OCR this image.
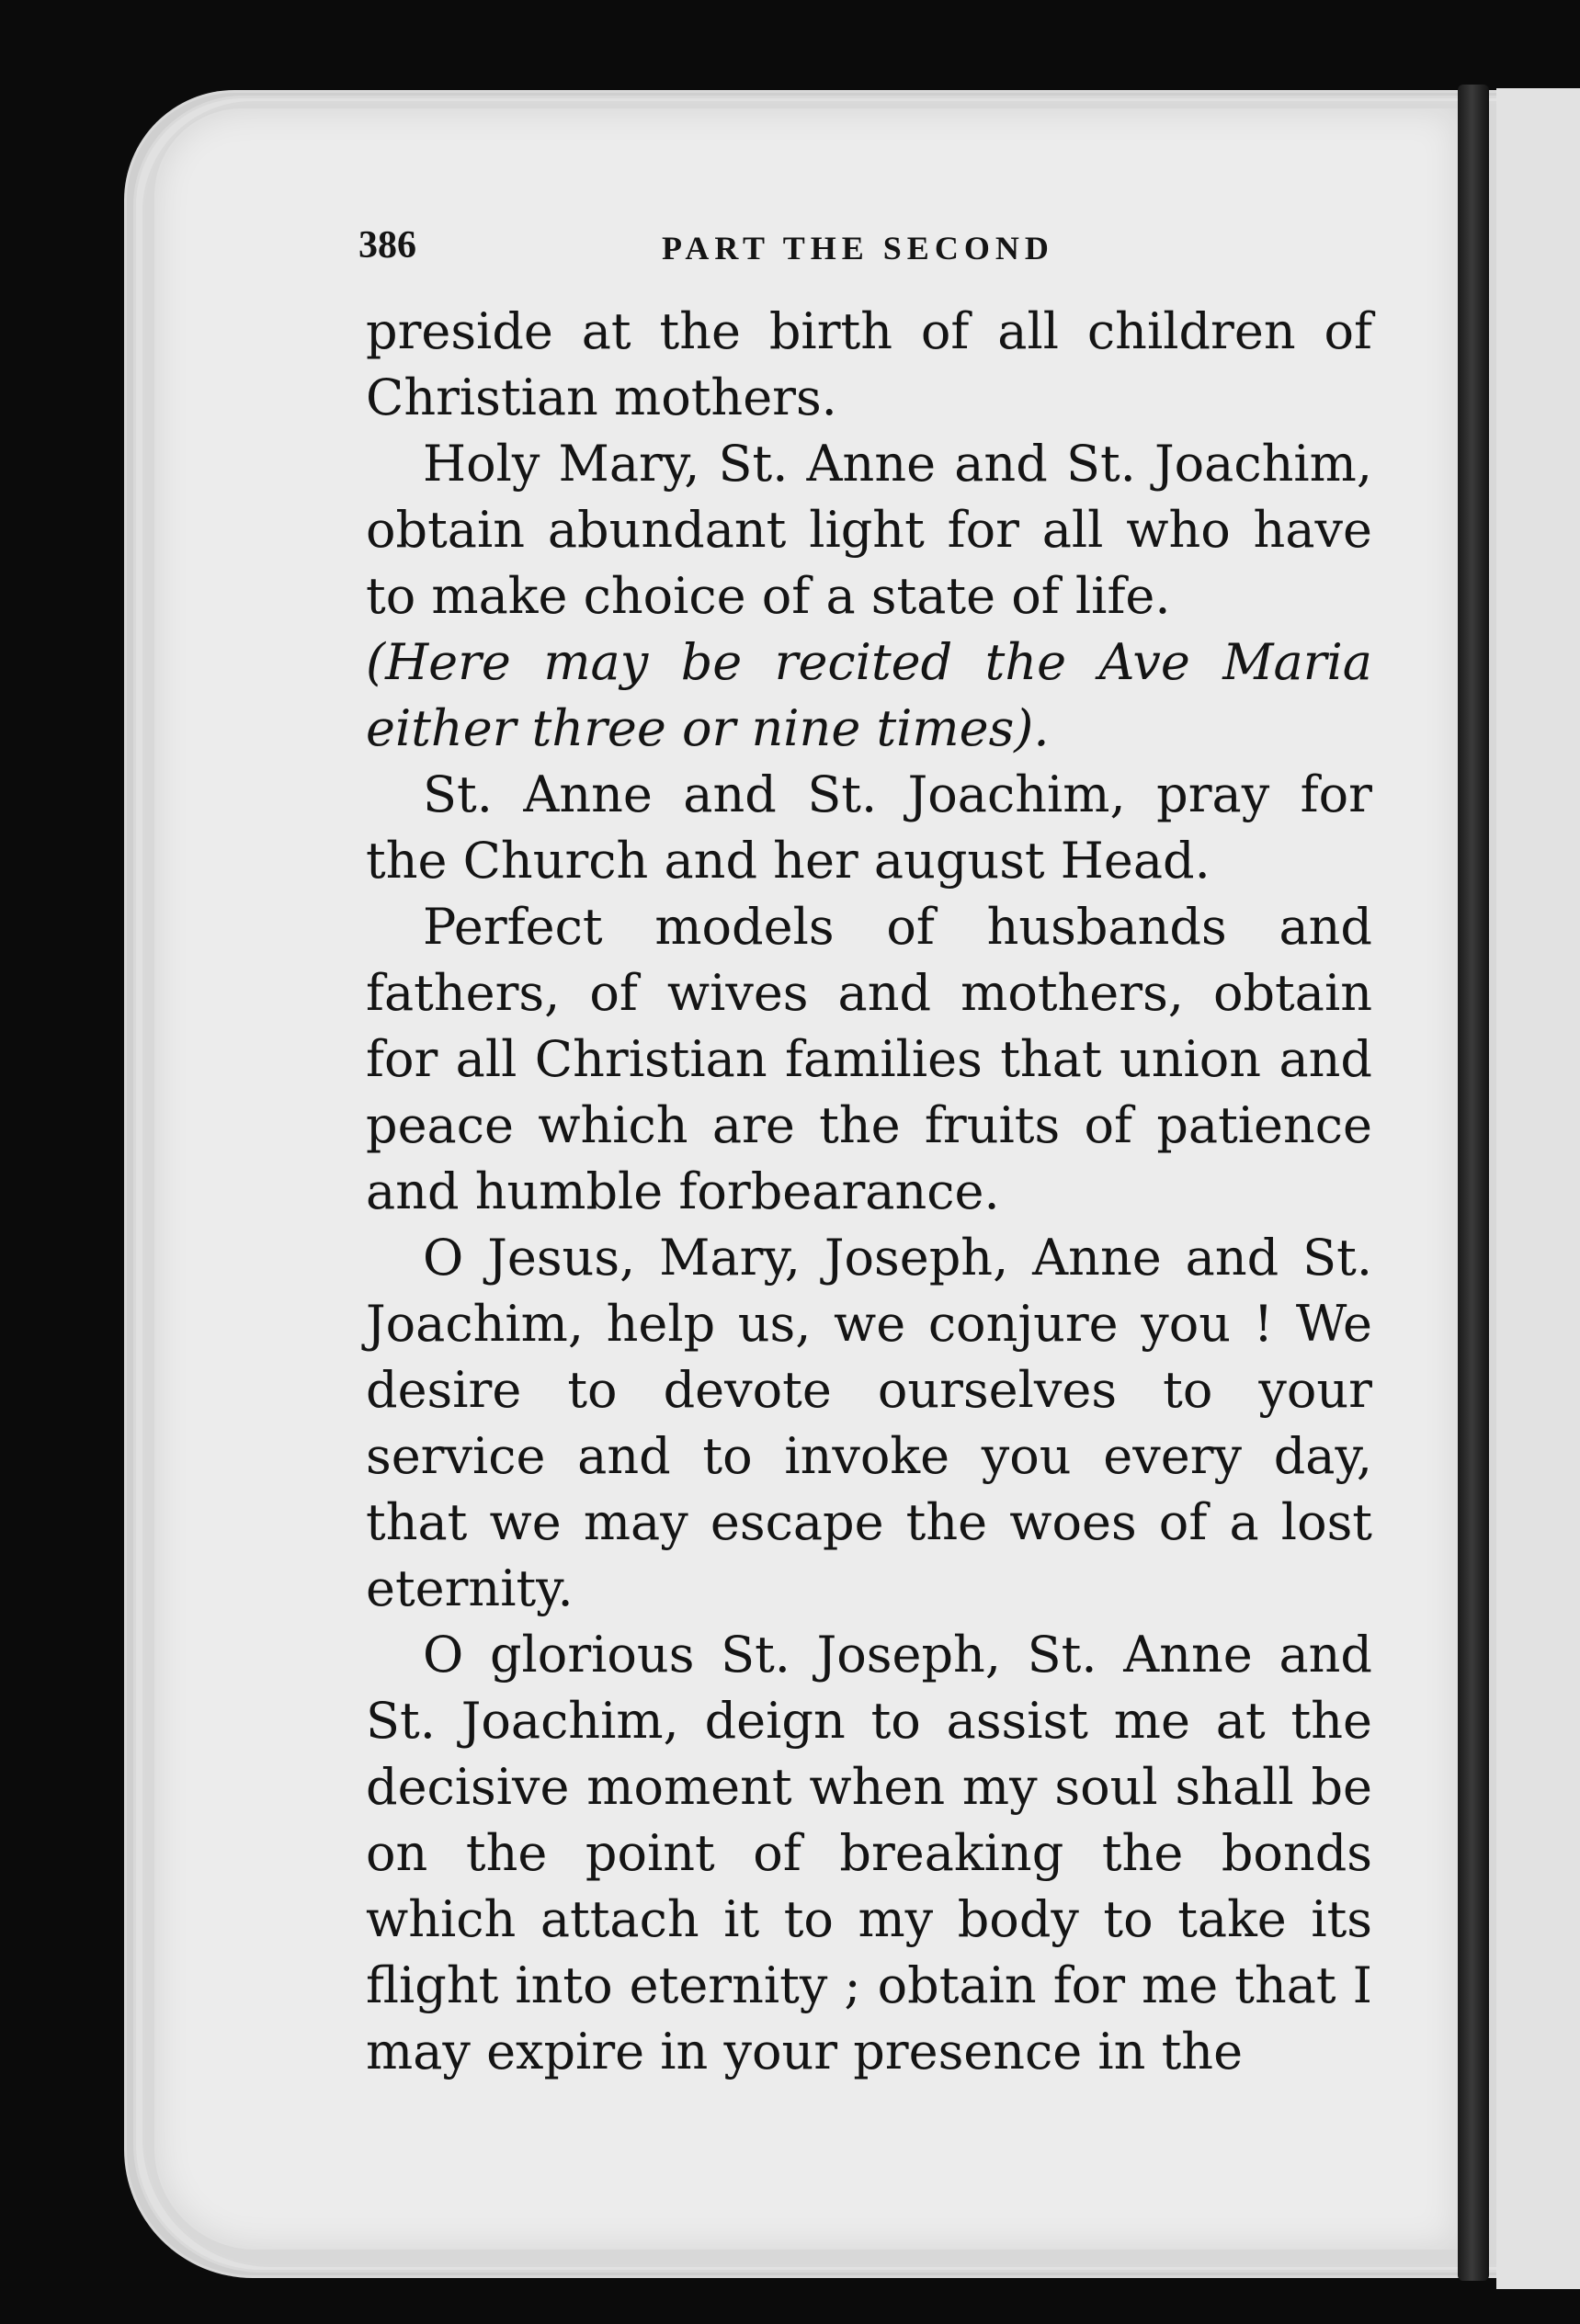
386	PART THE SECOND

preside at the birth of all children of Christian mothers.

Holy Mary, St. Anne and St. Joachim, obtain abundant light for all who have to make choice of a state of life.

(Here may be recited the Ave Maria either three or nine times).

St. Anne and St. Joachim, pray for the Church and her august Head.

Perfect models of husbands and fathers, of wives and mothers, obtain for all Christian families that union and peace which are the fruits of patience and humble forbearance.

O Jesus, Mary, Joseph, Anne and St. Joachim, help us, we conjure you ! We desire to devote ourselves to your service and to invoke you every day, that we may escape the woes of a lost eternity.

O glorious St. Joseph, St. Anne and St. Joachim, deign to assist me at the decisive moment when my soul shall be on the point of breaking the bonds which attach it to my body to take its flight into eternity ; obtain for me that I may expire in your presence in the
